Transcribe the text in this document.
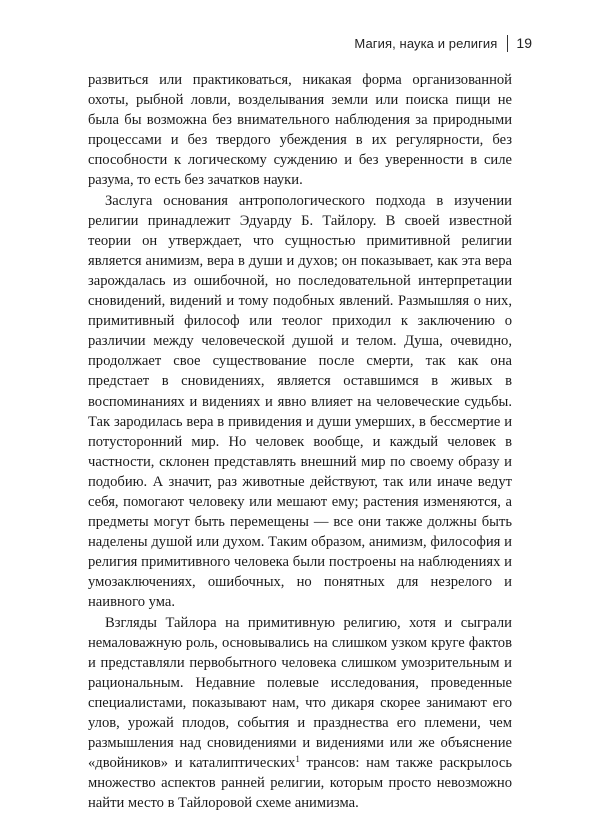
Магия, наука и религия 19

развиться или практиковаться, никакая форма организованной охоты, рыбной ловли, возделывания земли или поиска пищи не была бы возможна без внимательного наблюдения за природными процессами и без твердого убеждения в их регулярности, без способности к логическому суждению и без уверенности в силе разума, то есть без зачатков науки.

Заслуга основания антропологического подхода в изучении религии принадлежит Эдуарду Б. Тайлору. В своей известной теории он утверждает, что сущностью примитивной религии является анимизм, вера в души и духов; он показывает, как эта вера зарождалась из ошибочной, но последовательной интерпретации сновидений, видений и тому подобных явлений. Размышляя о них, примитивный философ или теолог приходил к заключению о различии между человеческой душой и телом. Душа, очевидно, продолжает свое существование после смерти, так как она предстает в сновидениях, является оставшимся в живых в воспоминаниях и видениях и явно влияет на человеческие судьбы. Так зародилась вера в привидения и души умерших, в бессмертие и потусторонний мир. Но человек вообще, и каждый человек в частности, склонен представлять внешний мир по своему образу и подобию. А значит, раз животные действуют, так или иначе ведут себя, помогают человеку или мешают ему; растения изменяются, а предметы могут быть перемещены — все они также должны быть наделены душой или духом. Таким образом, анимизм, философия и религия примитивного человека были построены на наблюдениях и умозаключениях, ошибочных, но понятных для незрелого и наивного ума.

Взгляды Тайлора на примитивную религию, хотя и сыграли немаловажную роль, основывались на слишком узком круге фактов и представляли первобытного человека слишком умозрительным и рациональным. Недавние полевые исследования, проведенные специалистами, показывают нам, что дикаря скорее занимают его улов, урожай плодов, события и празднества его племени, чем размышления над сновидениями и видениями или же объяснение «двойников» и каталиптических$^1$ трансов: нам также раскрылось множество аспектов ранней религии, которым просто невозможно найти место в Тайлоровой схеме анимизма.
